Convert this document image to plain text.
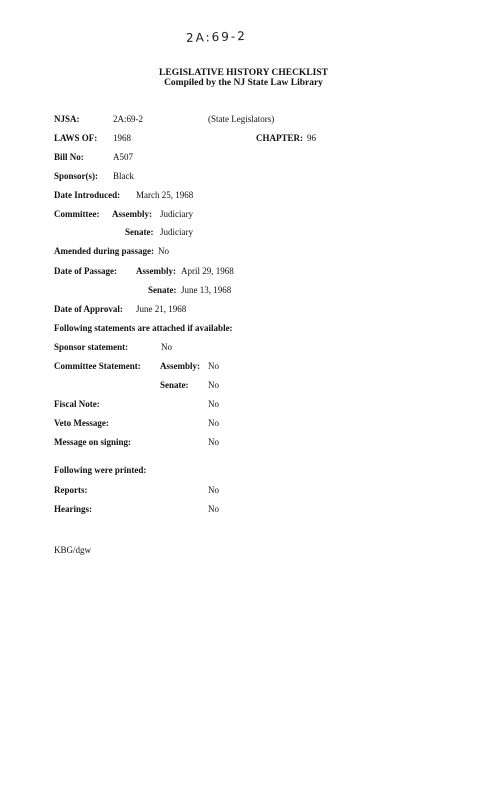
2A:69-2
LEGISLATIVE HISTORY CHECKLIST
Compiled by the NJ State Law Library
NJSA:	2A:69-2	(State Legislators)
LAWS OF: 1968	CHAPTER: 96
Bill No:	A507
Sponsor(s): Black
Date Introduced: March 25, 1968
Committee: Assembly: Judiciary
Senate: Judiciary
Amended during passage: No
Date of Passage: Assembly: April 29, 1968
Senate: June 13, 1968
Date of Approval: June 21, 1968
Following statements are attached if available:
Sponsor statement:	No
Committee Statement: Assembly: No
Senate: No
Fiscal Note:	No
Veto Message:	No
Message on signing:	No
Following were printed:
Reports:	No
Hearings:	No
KBG/dgw
